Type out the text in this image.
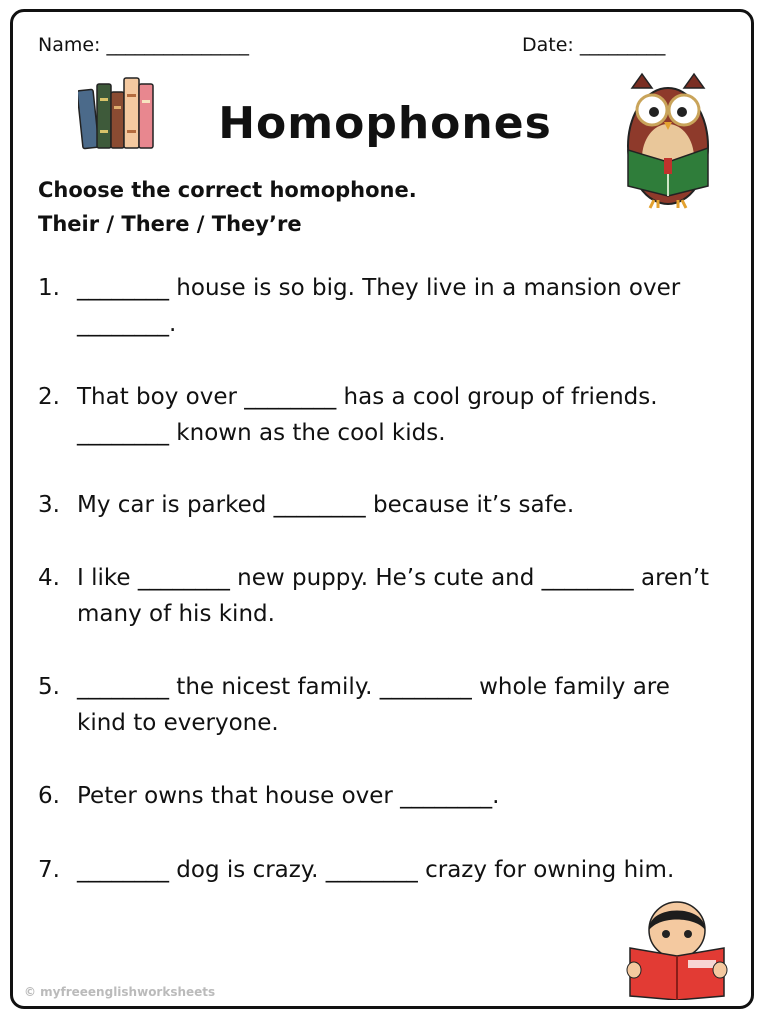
Name: _______________	Date: _________
Homophones
Choose the correct homophone.
Their / There / They’re
1. ________ house is so big. They live in a mansion over ________.
2. That boy over ________ has a cool group of friends. ________ known as the cool kids.
3. My car is parked ________ because it’s safe.
4. I like ________ new puppy. He’s cute and ________ aren’t many of his kind.
5. ________ the nicest family. ________ whole family are kind to everyone.
6. Peter owns that house over ________.
7. ________ dog is crazy. ________ crazy for owning him.
© myfreeenglishworksheets
